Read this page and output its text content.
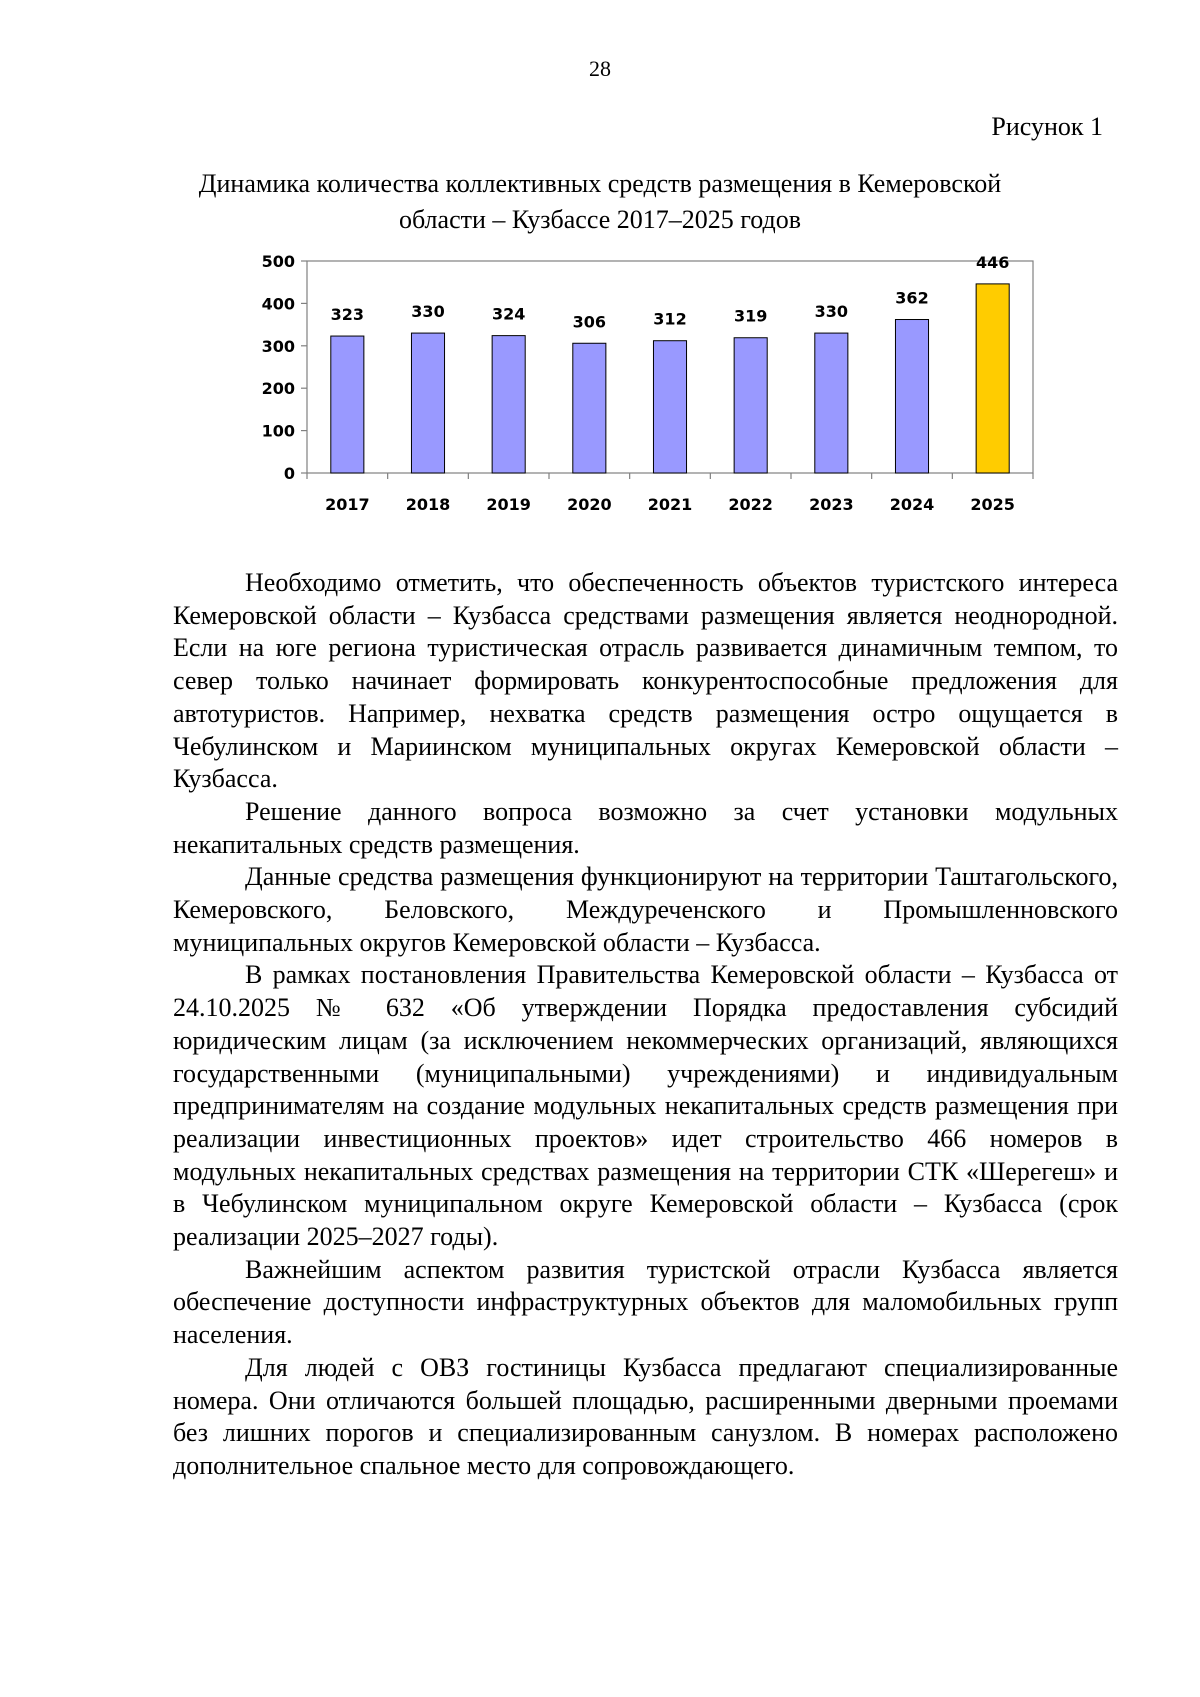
28
Рисунок 1
Динамика количества коллективных средств размещения в Кемеровской
области – Кузбассе 2017–2025 годов
0
100
200
300
400
500
323
2017
330
2018
324
2019
306
2020
312
2021
319
2022
330
2023
362
2024
446
2025

Необходимо отметить, что обеспеченность объектов туристского интереса Кемеровской области – Кузбасса средствами размещения является неоднородной. Если на юге региона туристическая отрасль развивается динамичным темпом, то север только начинает формировать конкурентоспособные предложения для автотуристов. Например, нехватка средств размещения остро ощущается в Чебулинском и Мариинском муниципальных округах Кемеровской области – Кузбасса.

Решение данного вопроса возможно за счет установки модульных некапитальных средств размещения.

Данные средства размещения функционируют на территории Таштагольского, Кемеровского, Беловского, Междуреченского и Промышленновского муниципальных округов Кемеровской области – Кузбасса.

В рамках постановления Правительства Кемеровской области – Кузбасса от 24.10.2025 № 632 «Об утверждении Порядка предоставления субсидий юридическим лицам (за исключением некоммерческих организаций, являющихся государственными (муниципальными) учреждениями) и индивидуальным предпринимателям на создание модульных некапитальных средств размещения при реализации инвестиционных проектов» идет строительство 466 номеров в модульных некапитальных средствах размещения на территории СТК «Шерегеш» и в Чебулинском муниципальном округе Кемеровской области – Кузбасса (срок реализации 2025–2027 годы).

Важнейшим аспектом развития туристской отрасли Кузбасса является обеспечение доступности инфраструктурных объектов для маломобильных групп населения.

Для людей с ОВЗ гостиницы Кузбасса предлагают специализированные номера. Они отличаются большей площадью, расширенными дверными проемами без лишних порогов и специализированным санузлом. В номерах расположено дополнительное спальное место для сопровождающего.
